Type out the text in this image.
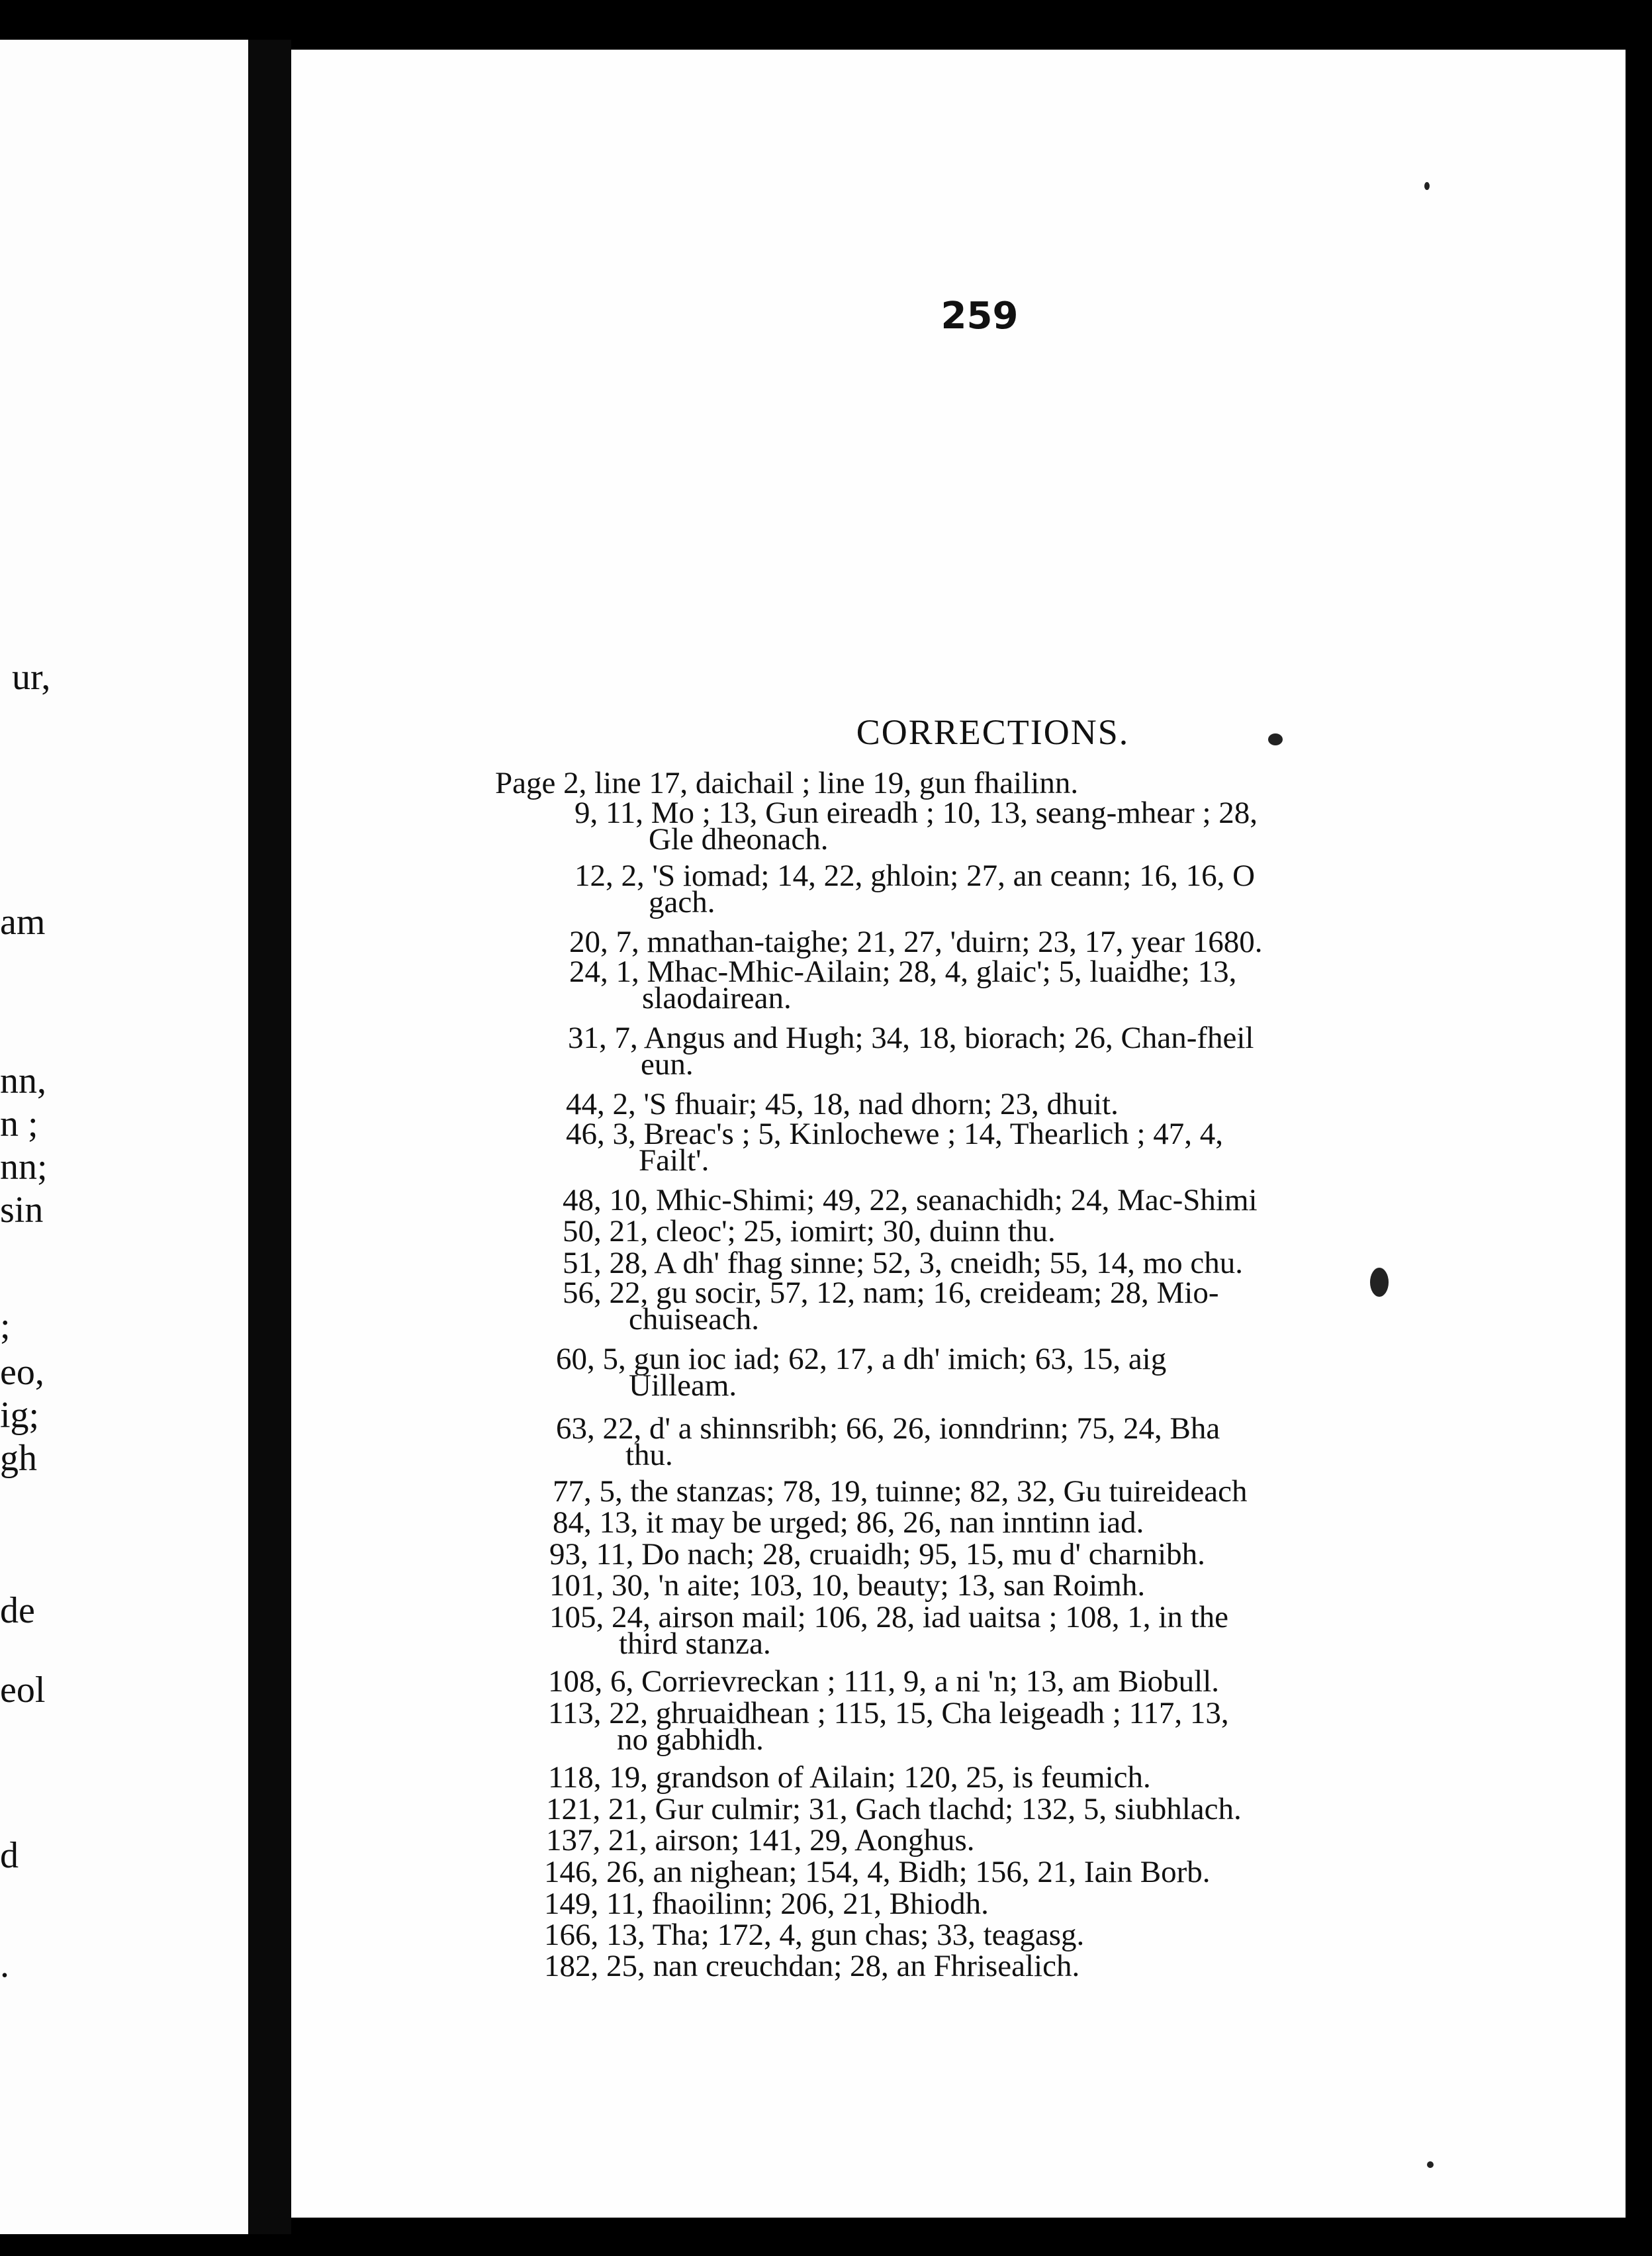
ur,
am
nn,
n ;
nn;
sin
;
eo,
ig;
gh
de
eol
d
.
259
CORRECTIONS.
Page 2, line 17, daichail ; line 19, gun fhailinn.
9, 11, Mo ; 13, Gun eireadh ; 10, 13, seang-mhear ; 28,
Gle dheonach.
12, 2, 'S iomad; 14, 22, ghloin; 27, an ceann; 16, 16, O
gach.
20, 7, mnathan-taighe; 21, 27, 'duirn; 23, 17, year 1680.
24, 1, Mhac-Mhic-Ailain; 28, 4, glaic'; 5, luaidhe; 13,
slaodairean.
31, 7, Angus and Hugh; 34, 18, biorach; 26, Chan-fheil
eun.
44, 2, 'S fhuair; 45, 18, nad dhorn; 23, dhuit.
46, 3, Breac's ; 5, Kinlochewe ; 14, Thearlich ; 47, 4,
Failt'.
48, 10, Mhic-Shimi; 49, 22, seanachidh; 24, Mac-Shimi
50, 21, cleoc'; 25, iomirt; 30, duinn thu.
51, 28, A dh' fhag sinne; 52, 3, cneidh; 55, 14, mo chu.
56, 22, gu socir, 57, 12, nam; 16, creideam; 28, Mio-
chuiseach.
60, 5, gun ioc iad; 62, 17, a dh' imich; 63, 15, aig
Uilleam.
63, 22, d' a shinnsribh; 66, 26, ionndrinn; 75, 24, Bha
thu.
77, 5, the stanzas; 78, 19, tuinne; 82, 32, Gu tuireideach
84, 13, it may be urged; 86, 26, nan inntinn iad.
93, 11, Do nach; 28, cruaidh; 95, 15, mu d' charnibh.
101, 30, 'n aite; 103, 10, beauty; 13, san Roimh.
105, 24, airson mail; 106, 28, iad uaitsa ; 108, 1, in the
third stanza.
108, 6, Corrievreckan ; 111, 9, a ni 'n; 13, am Biobull.
113, 22, ghruaidhean ; 115, 15, Cha leigeadh ; 117, 13,
no gabhidh.
118, 19, grandson of Ailain; 120, 25, is feumich.
121, 21, Gur culmir; 31, Gach tlachd; 132, 5, siubhlach.
137, 21, airson; 141, 29, Aonghus.
146, 26, an nighean; 154, 4, Bidh; 156, 21, Iain Borb.
149, 11, fhaoilinn; 206, 21, Bhiodh.
166, 13, Tha; 172, 4, gun chas; 33, teagasg.
182, 25, nan creuchdan; 28, an Fhrisealich.
